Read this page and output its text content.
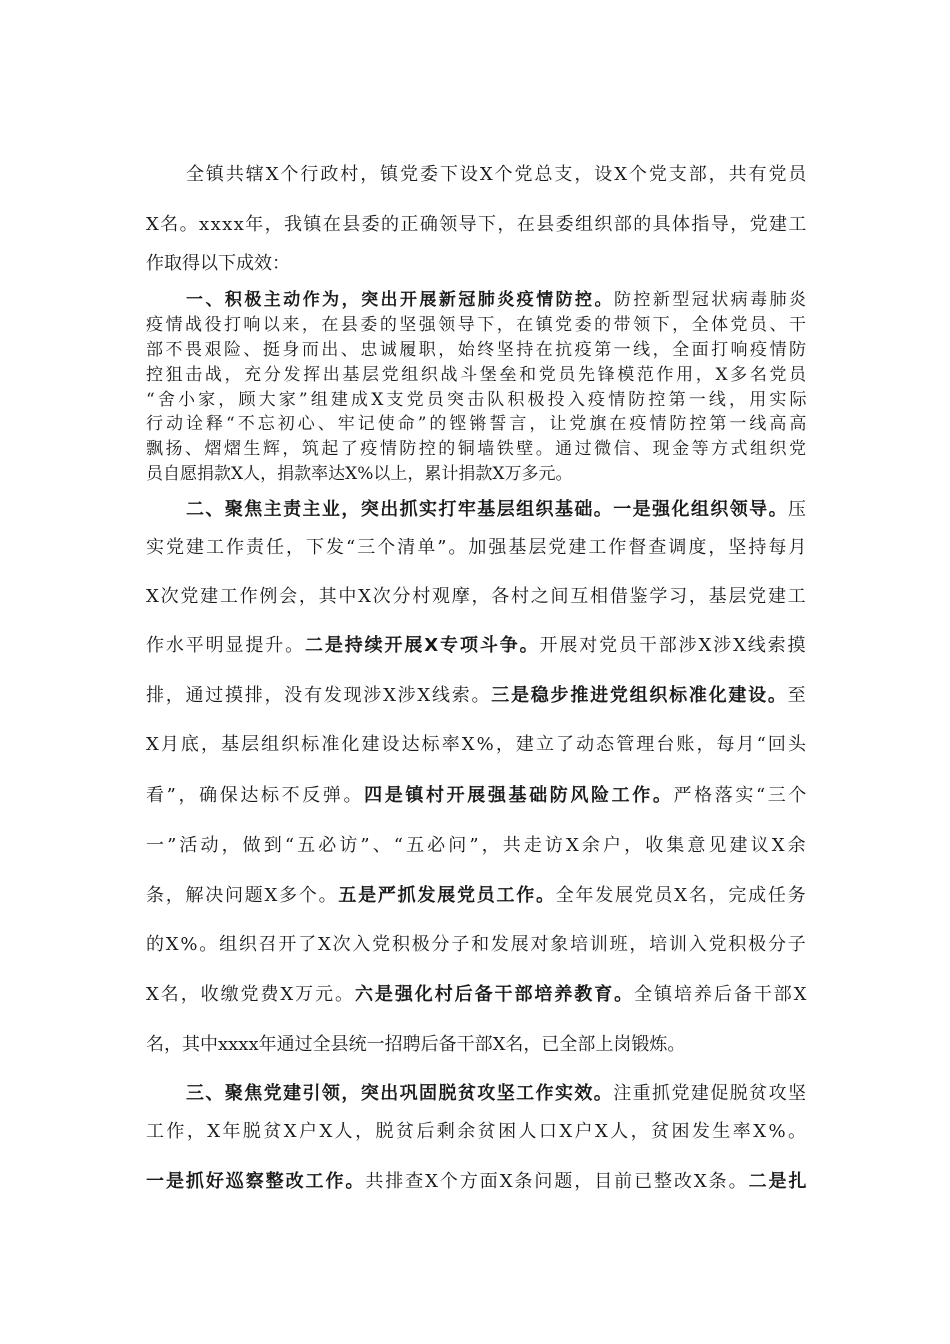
全镇共辖X个行政村，镇党委下设X个党总支，设X个党支部，共有党员

X名。xxxx年，我镇在县委的正确领导下，在县委组织部的具体指导，党建工

作取得以下成效：

一、积极主动作为，突出开展新冠肺炎疫情防控。防控新型冠状病毒肺炎

疫情战役打响以来，在县委的坚强领导下，在镇党委的带领下，全体党员、干

部不畏艰险、挺身而出、忠诚履职，始终坚持在抗疫第一线，全面打响疫情防

控狙击战，充分发挥出基层党组织战斗堡垒和党员先锋模范作用，X多名党员

“舍小家，顾大家”组建成X支党员突击队积极投入疫情防控第一线，用实际

行动诠释“不忘初心、牢记使命”的铿锵誓言，让党旗在疫情防控第一线高高

飘扬、熠熠生辉，筑起了疫情防控的铜墙铁壁。通过微信、现金等方式组织党

员自愿捐款X人，捐款率达X%以上，累计捐款X万多元。

二、聚焦主责主业，突出抓实打牢基层组织基础。一是强化组织领导。压

实党建工作责任，下发“三个清单”。加强基层党建工作督查调度，坚持每月

X次党建工作例会，其中X次分村观摩，各村之间互相借鉴学习，基层党建工

作水平明显提升。二是持续开展X专项斗争。开展对党员干部涉X涉X线索摸

排，通过摸排，没有发现涉X涉X线索。三是稳步推进党组织标准化建设。至

X月底，基层组织标准化建设达标率X%，建立了动态管理台账，每月“回头

看”，确保达标不反弹。四是镇村开展强基础防风险工作。严格落实“三个

一”活动，做到“五必访”、“五必问”，共走访X余户，收集意见建议X余

条，解决问题X多个。五是严抓发展党员工作。全年发展党员X名，完成任务

的X%。组织召开了X次入党积极分子和发展对象培训班，培训入党积极分子

X名，收缴党费X万元。六是强化村后备干部培养教育。全镇培养后备干部X

名，其中xxxx年通过全县统一招聘后备干部X名，已全部上岗锻炼。

三、聚焦党建引领，突出巩固脱贫攻坚工作实效。注重抓党建促脱贫攻坚

工作，X年脱贫X户X人，脱贫后剩余贫困人口X户X人，贫困发生率X%。

一是抓好巡察整改工作。共排查X个方面X条问题，目前已整改X条。二是扎
